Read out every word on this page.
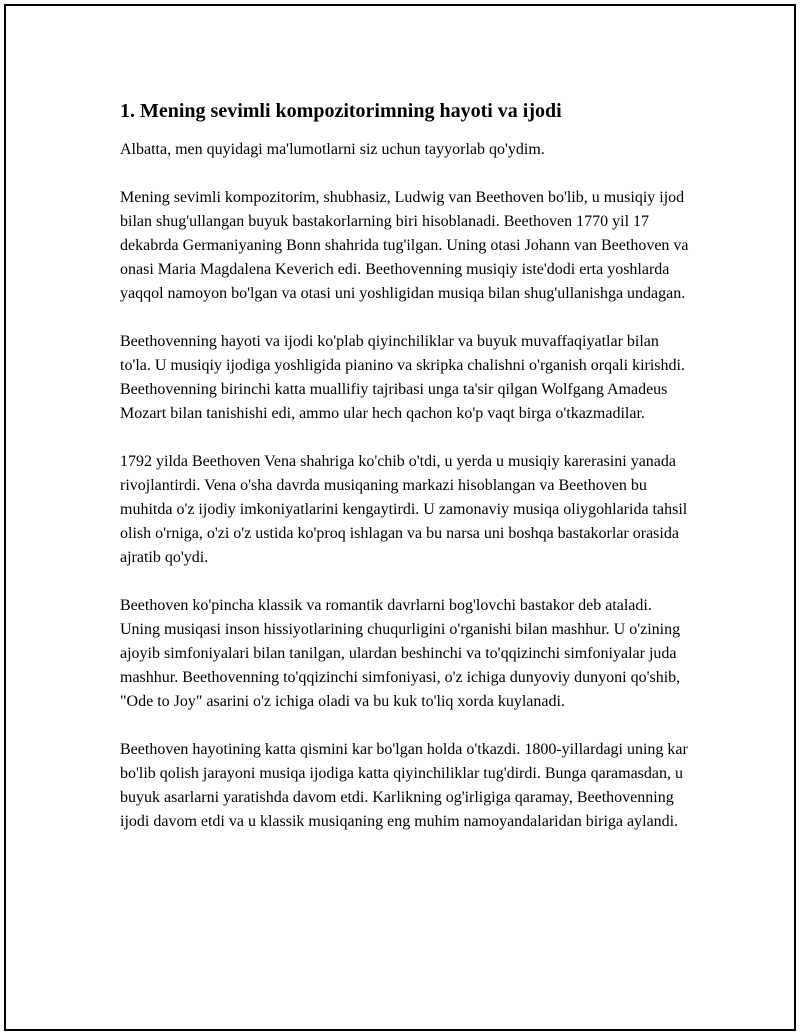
1. Mening sevimli kompozitorimning hayoti va ijodi

Albatta, men quyidagi ma'lumotlarni siz uchun tayyorlab qo'ydim.

Mening sevimli kompozitorim, shubhasiz, Ludwig van Beethoven bo'lib, u musiqiy ijod bilan shug'ullangan buyuk bastakorlarning biri hisoblanadi. Beethoven 1770 yil 17 dekabrda Germaniyaning Bonn shahrida tug'ilgan. Uning otasi Johann van Beethoven va onasi Maria Magdalena Keverich edi. Beethovenning musiqiy iste'dodi erta yoshlarda yaqqol namoyon bo'lgan va otasi uni yoshligidan musiqa bilan shug'ullanishga undagan.

Beethovenning hayoti va ijodi ko'plab qiyinchiliklar va buyuk muvaffaqiyatlar bilan to'la. U musiqiy ijodiga yoshligida pianino va skripka chalishni o'rganish orqali kirishdi. Beethovenning birinchi katta muallifiy tajribasi unga ta'sir qilgan Wolfgang Amadeus Mozart bilan tanishishi edi, ammo ular hech qachon ko'p vaqt birga o'tkazmadilar.

1792 yilda Beethoven Vena shahriga ko'chib o'tdi, u yerda u musiqiy karerasini yanada rivojlantirdi. Vena o'sha davrda musiqaning markazi hisoblangan va Beethoven bu muhitda o'z ijodiy imkoniyatlarini kengaytirdi. U zamonaviy musiqa oliygohlarida tahsil olish o'rniga, o'zi o'z ustida ko'proq ishlagan va bu narsa uni boshqa bastakorlar orasida ajratib qo'ydi.

Beethoven ko'pincha klassik va romantik davrlarni bog'lovchi bastakor deb ataladi. Uning musiqasi inson hissiyotlarining chuqurligini o'rganishi bilan mashhur. U o'zining ajoyib simfoniyalari bilan tanilgan, ulardan beshinchi va to'qqizinchi simfoniyalar juda mashhur. Beethovenning to'qqizinchi simfoniyasi, o'z ichiga dunyoviy dunyoni qo'shib, "Ode to Joy" asarini o'z ichiga oladi va bu kuk to'liq xorda kuylanadi.

Beethoven hayotining katta qismini kar bo'lgan holda o'tkazdi. 1800-yillardagi uning kar bo'lib qolish jarayoni musiqa ijodiga katta qiyinchiliklar tug'dirdi. Bunga qaramasdan, u buyuk asarlarni yaratishda davom etdi. Karlikning og'irligiga qaramay, Beethovenning ijodi davom etdi va u klassik musiqaning eng muhim namoyandalaridan biriga aylandi.
